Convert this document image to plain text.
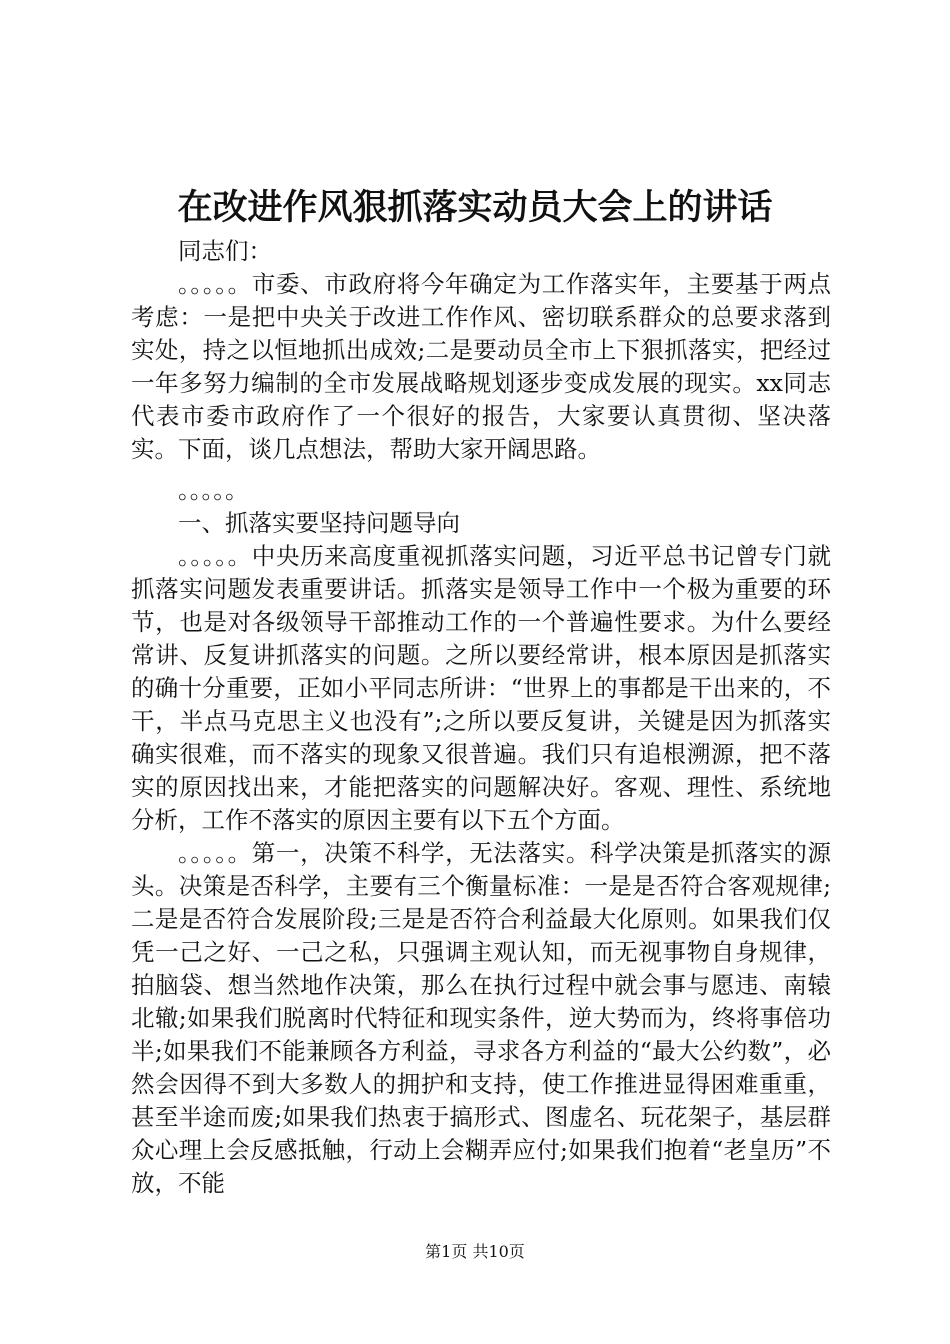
在改进作风狠抓落实动员大会上的讲话

同志们：

。。。。。市委、市政府将今年确定为工作落实年，主要基于两点考虑：一是把中央关于改进工作作风、密切联系群众的总要求落到实处，持之以恒地抓出成效;二是要动员全市上下狠抓落实，把经过一年多努力编制的全市发展战略规划逐步变成发展的现实。xx同志代表市委市政府作了一个很好的报告，大家要认真贯彻、坚决落实。下面，谈几点想法，帮助大家开阔思路。

。。。。。

一、抓落实要坚持问题导向

。。。。。中央历来高度重视抓落实问题，习近平总书记曾专门就抓落实问题发表重要讲话。抓落实是领导工作中一个极为重要的环节，也是对各级领导干部推动工作的一个普遍性要求。为什么要经常讲、反复讲抓落实的问题。之所以要经常讲，根本原因是抓落实的确十分重要，正如小平同志所讲：“世界上的事都是干出来的，不干，半点马克思主义也没有”;之所以要反复讲，关键是因为抓落实确实很难，而不落实的现象又很普遍。我们只有追根溯源，把不落实的原因找出来，才能把落实的问题解决好。客观、理性、系统地分析，工作不落实的原因主要有以下五个方面。

。。。。。第一，决策不科学，无法落实。科学决策是抓落实的源头。决策是否科学，主要有三个衡量标准：一是是否符合客观规律;二是是否符合发展阶段;三是是否符合利益最大化原则。如果我们仅凭一己之好、一己之私，只强调主观认知，而无视事物自身规律，拍脑袋、想当然地作决策，那么在执行过程中就会事与愿违、南辕北辙;如果我们脱离时代特征和现实条件，逆大势而为，终将事倍功半;如果我们不能兼顾各方利益，寻求各方利益的“最大公约数”，必然会因得不到大多数人的拥护和支持，使工作推进显得困难重重，甚至半途而废;如果我们热衷于搞形式、图虚名、玩花架子，基层群众心理上会反感抵触，行动上会糊弄应付;如果我们抱着“老皇历”不放，不能

第1页 共10页
